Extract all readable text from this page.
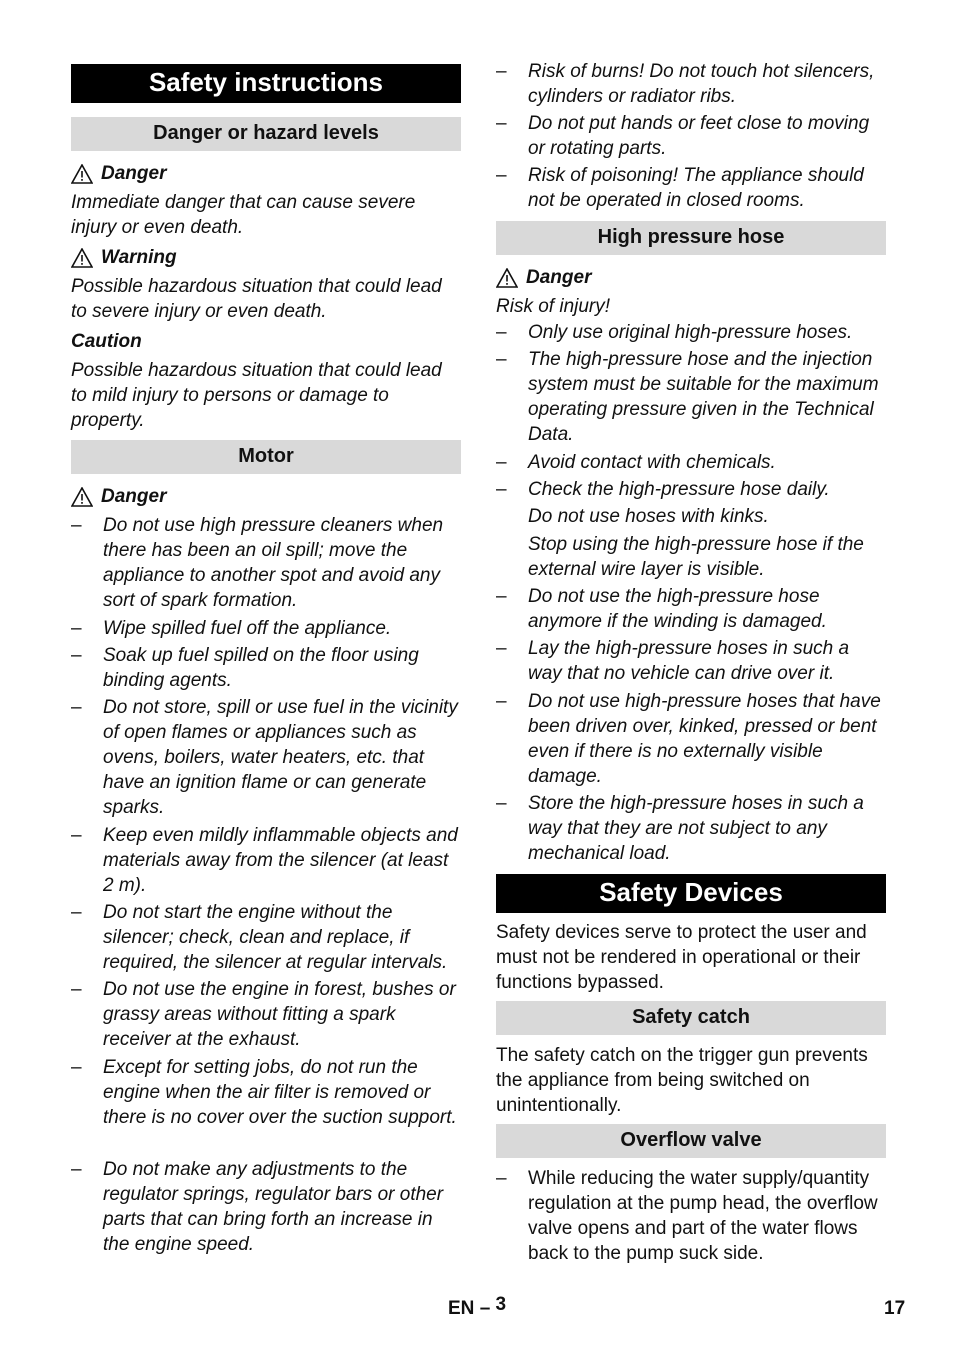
Safety instructions
Danger or hazard levels
Danger

Immediate danger that can cause severe injury or even death.

Warning

Possible hazardous situation that could lead to severe injury or even death.

Caution

Possible hazardous situation that could lead to mild injury to persons or damage to property.

Motor
Danger
–	Do not use high pressure cleaners when there has been an oil spill; move the appliance to another spot and avoid any sort of spark formation.
–	Wipe spilled fuel off the appliance.
–	Soak up fuel spilled on the floor using binding agents.
–	Do not store, spill or use fuel in the vicinity of open flames or appliances such as ovens, boilers, water heaters, etc. that have an ignition flame or can generate sparks.
–	Keep even mildly inflammable objects and materials away from the silencer (at least 2 m).
–	Do not start the engine without the silencer; check, clean and replace, if required, the silencer at regular intervals.
–	Do not use the engine in forest, bushes or grassy areas without fitting a spark receiver at the exhaust.
–	Except for setting jobs, do not run the engine when the air filter is removed or there is no cover over the suction support.
–	Do not make any adjustments to the regulator springs, regulator bars or other parts that can bring forth an increase in the engine speed.
–	Risk of burns! Do not touch hot silencers, cylinders or radiator ribs.
–	Do not put hands or feet close to moving or rotating parts.
–	Risk of poisoning! The appliance should not be operated in closed rooms.
High pressure hose
Danger

Risk of injury!

–	Only use original high-pressure hoses.
–	The high-pressure hose and the injection system must be suitable for the maximum operating pressure given in the Technical Data.
–	Avoid contact with chemicals.
–	Check the high-pressure hose daily.
Do not use hoses with kinks.
Stop using the high-pressure hose if the external wire layer is visible.
–	Do not use the high-pressure hose anymore if the winding is damaged.
–	Lay the high-pressure hoses in such a way that no vehicle can drive over it.
–	Do not use high-pressure hoses that have been driven over, kinked, pressed or bent even if there is no externally visible damage.
–	Store the high-pressure hoses in such a way that they are not subject to any mechanical load.
Safety Devices

Safety devices serve to protect the user and must not be rendered in operational or their functions bypassed.

Safety catch

The safety catch on the trigger gun prevents the appliance from being switched on unintentionally.

Overflow valve
–	While reducing the water supply/quantity regulation at the pump head, the overflow valve opens and part of the water flows back to the pump suck side.
EN – 3	17
